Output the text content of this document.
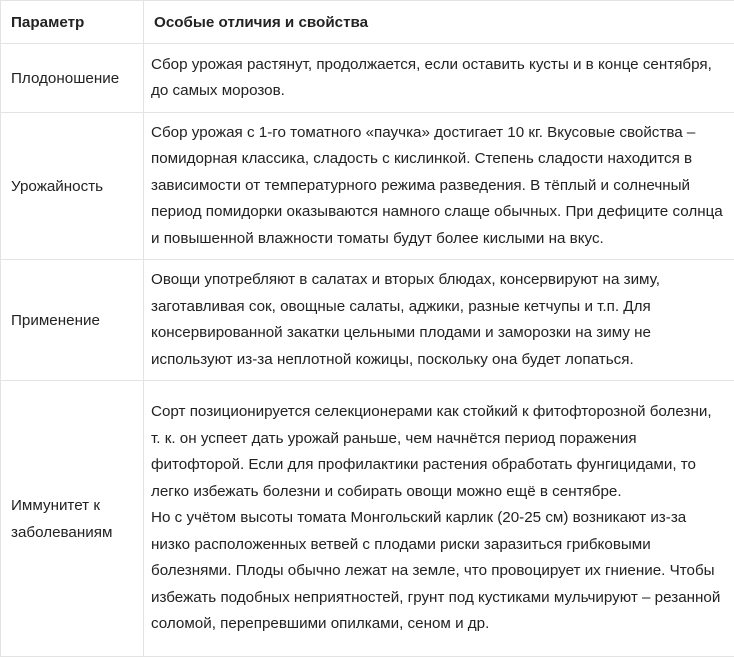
Параметр	Особые отличия и свойства
Плодоношение	Сбор урожая растянут, продолжается, если оставить кусты и в конце сентября, до самых морозов.

Урожайность	Сбор урожая с 1-го томатного «паучка» достигает 10 кг. Вкусовые свойства – помидорная классика, сладость с кислинкой. Степень сладости находится в зависимости от температурного режима разведения. В тёплый и солнечный период помидорки оказываются намного слаще обычных. При дефиците солнца и повышенной влажности томаты будут более кислыми на вкус.

Применение	Овощи употребляют в салатах и вторых блюдах, консервируют на зиму, заготавливая сок, овощные салаты, аджики, разные кетчупы и т.п. Для консервированной закатки цельными плодами и заморозки на зиму не используют из-за неплотной кожицы, поскольку она будет лопаться.

Иммунитет к заболеваниям	Сорт позиционируется селекционерами как стойкий к фитофторозной болезни, т. к. он успеет дать урожай раньше, чем начнётся период поражения фитофторой. Если для профилактики растения обработать фунгицидами, то легко избежать болезни и собирать овощи можно ещё в сентябре.
Но с учётом высоты томата Монгольский карлик (20-25 см) возникают из-за низко расположенных ветвей с плодами риски заразиться грибковыми болезнями. Плоды обычно лежат на земле, что провоцирует их гниение. Чтобы избежать подобных неприятностей, грунт под кустиками мульчируют – резанной соломой, перепревшими опилками, сеном и др.
